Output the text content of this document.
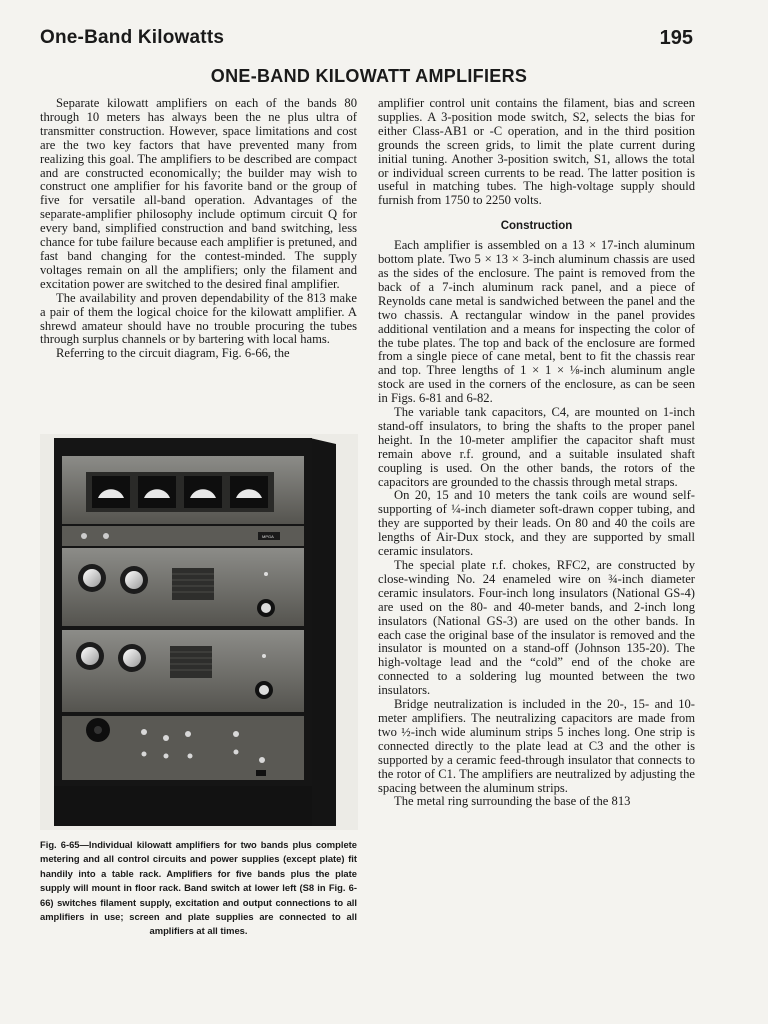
One-Band Kilowatts	195
ONE-BAND KILOWATT AMPLIFIERS

Separate kilowatt amplifiers on each of the bands 80 through 10 meters has always been the ne plus ultra of transmitter construction. However, space limitations and cost are the two key factors that have prevented many from realizing this goal. The amplifiers to be described are compact and are constructed economically; the builder may wish to construct one amplifier for his favorite band or the group of five for versatile all-band operation. Advantages of the separate-amplifier philosophy include optimum circuit Q for every band, simplified construction and band switching, less chance for tube failure because each amplifier is pretuned, and fast band changing for the contest-minded. The supply voltages remain on all the amplifiers; only the filament and excitation power are switched to the desired final amplifier.

The availability and proven dependability of the 813 make a pair of them the logical choice for the kilowatt amplifier. A shrewd amateur should have no trouble procuring the tubes through surplus channels or by bartering with local hams.

Referring to the circuit diagram, Fig. 6-66, the

MPGA
Fig. 6-65—Individual kilowatt amplifiers for two bands plus complete metering and all control circuits and power supplies (except plate) fit handily into a table rack. Amplifiers for five bands plus the plate supply will mount in floor rack. Band switch at lower left (S8 in Fig. 6-66) switches filament supply, excitation and output connections to all amplifiers in use; screen and plate supplies are connected to all amplifiers at all times.

amplifier control unit contains the filament, bias and screen supplies. A 3-position mode switch, S2, selects the bias for either Class-AB1 or -C operation, and in the third position grounds the screen grids, to limit the plate current during initial tuning. Another 3-position switch, S1, allows the total or individual screen currents to be read. The latter position is useful in matching tubes. The high-voltage supply should furnish from 1750 to 2250 volts.

Construction

Each amplifier is assembled on a 13 × 17-inch aluminum bottom plate. Two 5 × 13 × 3-inch aluminum chassis are used as the sides of the enclosure. The paint is removed from the back of a 7-inch aluminum rack panel, and a piece of Reynolds cane metal is sandwiched between the panel and the two chassis. A rectangular window in the panel provides additional ventilation and a means for inspecting the color of the tube plates. The top and back of the enclosure are formed from a single piece of cane metal, bent to fit the chassis rear and top. Three lengths of 1 × 1 × ⅛-inch aluminum angle stock are used in the corners of the enclosure, as can be seen in Figs. 6-81 and 6-82.

The variable tank capacitors, C4, are mounted on 1-inch stand-off insulators, to bring the shafts to the proper panel height. In the 10-meter amplifier the capacitor shaft must remain above r.f. ground, and a suitable insulated shaft coupling is used. On the other bands, the rotors of the capacitors are grounded to the chassis through metal straps.

On 20, 15 and 10 meters the tank coils are wound self-supporting of ¼-inch diameter soft-drawn copper tubing, and they are supported by their leads. On 80 and 40 the coils are lengths of Air-Dux stock, and they are supported by small ceramic insulators.

The special plate r.f. chokes, RFC2, are constructed by close-winding No. 24 enameled wire on ¾-inch diameter ceramic insulators. Four-inch long insulators (National GS-4) are used on the 80- and 40-meter bands, and 2-inch long insulators (National GS-3) are used on the other bands. In each case the original base of the insulator is removed and the insulator is mounted on a stand-off (Johnson 135-20). The high-voltage lead and the “cold” end of the choke are connected to a soldering lug mounted between the two insulators.

Bridge neutralization is included in the 20-, 15- and 10-meter amplifiers. The neutralizing capacitors are made from two ½-inch wide aluminum strips 5 inches long. One strip is connected directly to the plate lead at C3 and the other is supported by a ceramic feed-through insulator that connects to the rotor of C1. The amplifiers are neutralized by adjusting the spacing between the aluminum strips.

The metal ring surrounding the base of the 813
